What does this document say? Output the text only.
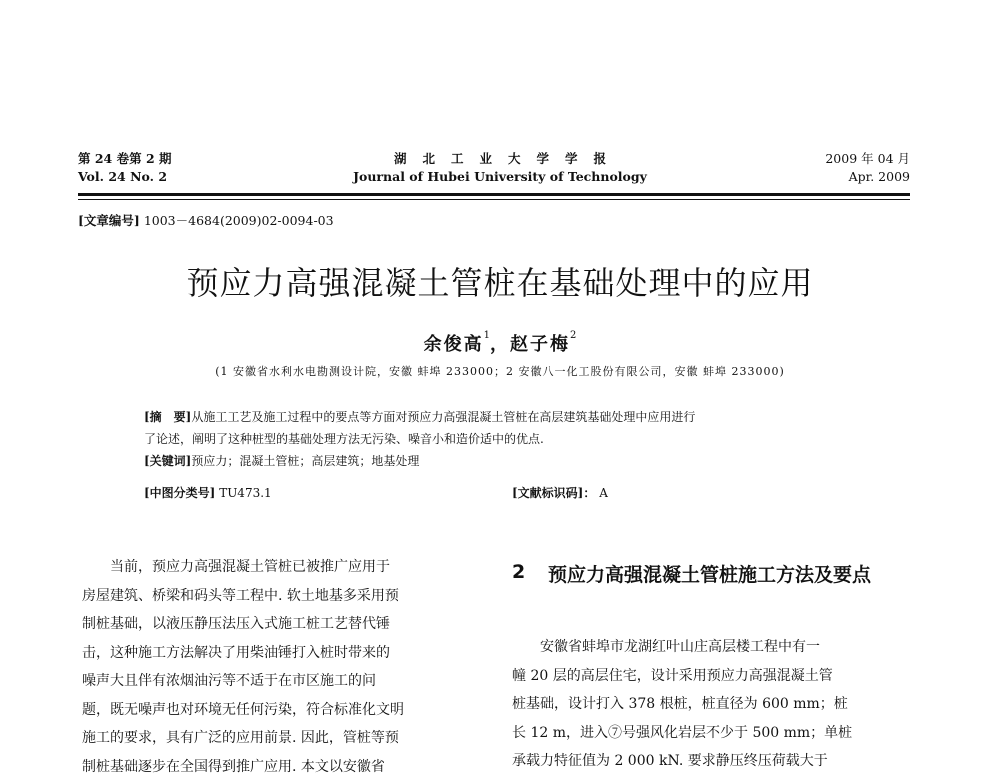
第 24 卷第 2 期
Vol. 24 No. 2
湖北工业大学学报
Journal of Hubei University of Technology
2009 年 04 月
Apr. 2009
[文章编号] 1003－4684(2009)02-0094-03
预应力高强混凝土管桩在基础处理中的应用
余俊高$^1$，赵子梅$^2$
(1 安徽省水利水电勘测设计院，安徽 蚌埠 233000；2 安徽八一化工股份有限公司，安徽 蚌埠 233000)
[摘　要]从施工工艺及施工过程中的要点等方面对预应力高强混凝土管桩在高层建筑基础处理中应用进行
了论述，阐明了这种桩型的基础处理方法无污染、噪音小和造价适中的优点.
[关键词]预应力；混凝土管桩；高层建筑；地基处理
[中图分类号] TU473.1	[文献标识码]： A
　　当前，预应力高强混凝土管桩已被推广应用于
房屋建筑、桥梁和码头等工程中. 软土地基多采用预
制桩基础，以液压静压法压入式施工桩工艺替代锤
击，这种施工方法解决了用柴油锤打入桩时带来的
噪声大且伴有浓烟油污等不适于在市区施工的问
题，既无噪声也对环境无任何污染，符合标准化文明
施工的要求，具有广泛的应用前景. 因此，管桩等预
制桩基础逐步在全国得到推广应用. 本文以安徽省
2 预应力高强混凝土管桩施工方法及要点
　　安徽省蚌埠市龙湖红叶山庄高层楼工程中有一
幢 20 层的高层住宅，设计采用预应力高强混凝土管
桩基础，设计打入 378 根桩，桩直径为 600 mm；桩
长 12 m，进入⑦号强风化岩层不少于 500 mm；单桩
承载力特征值为 2 000 kN. 要求静压终压荷载大于
